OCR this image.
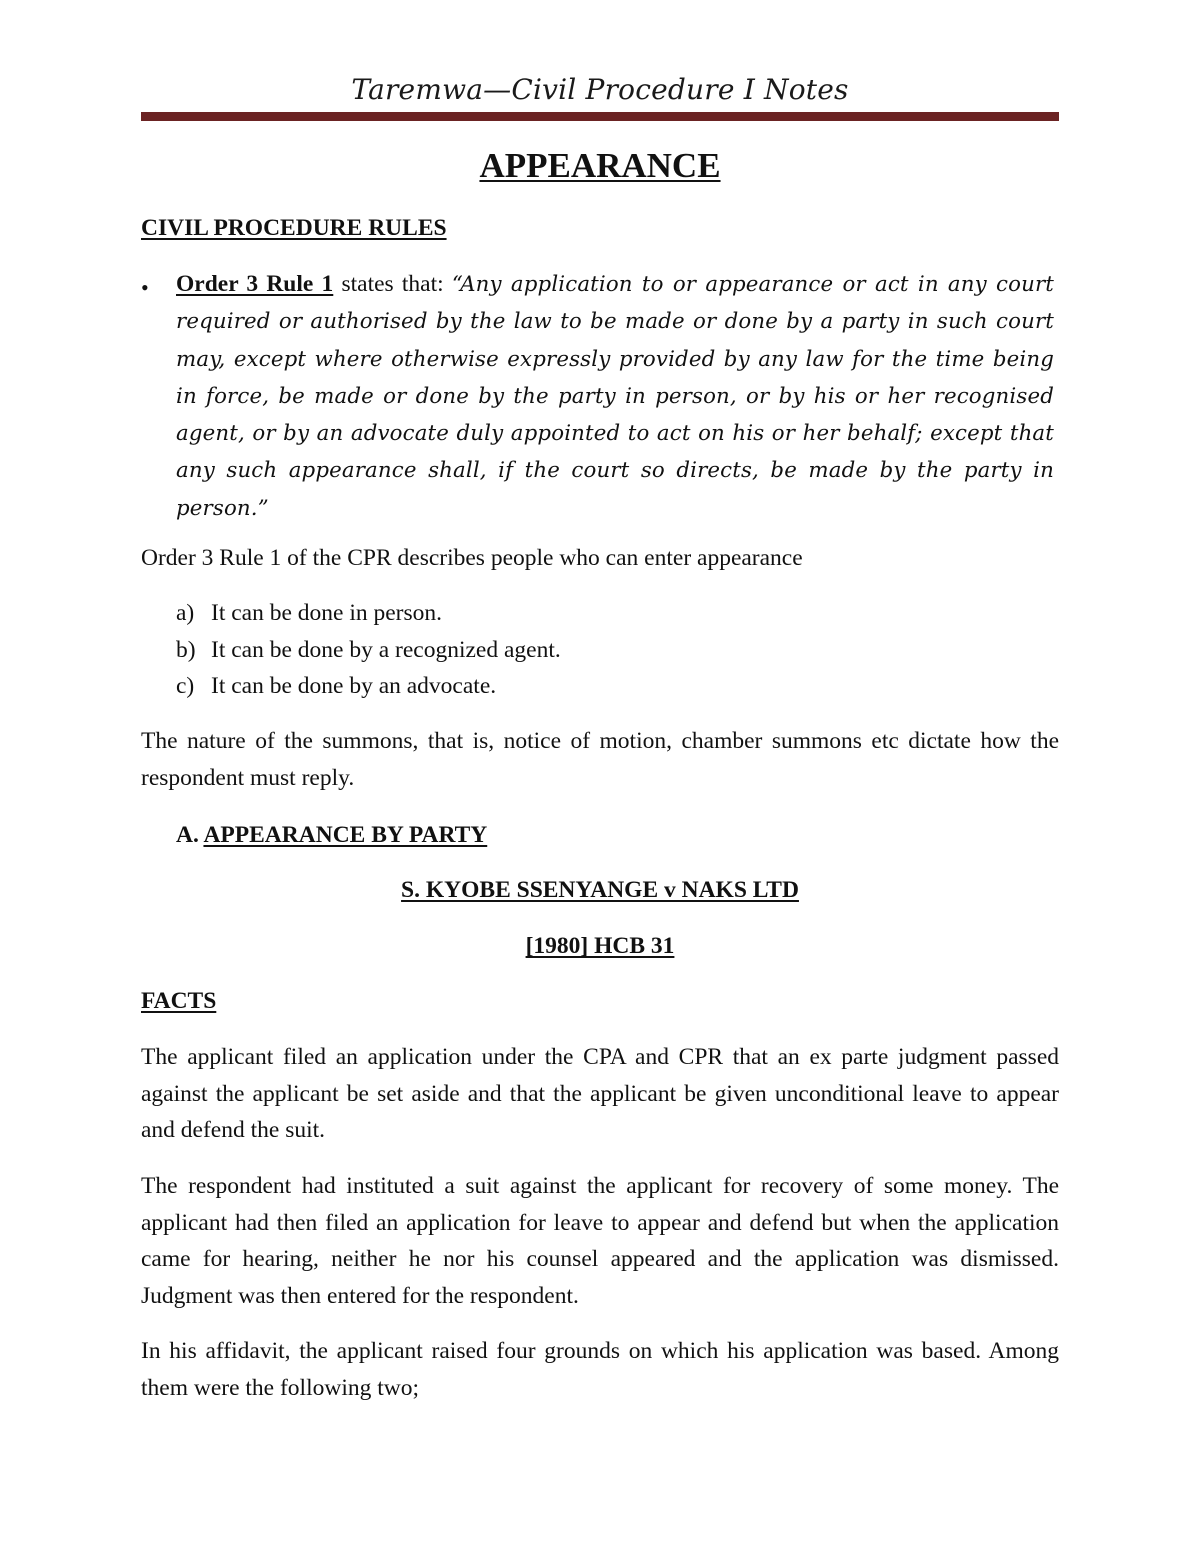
Taremwa—Civil Procedure I Notes
APPEARANCE
CIVIL PROCEDURE RULES
• Order 3 Rule 1 states that: “Any application to or appearance or act in any court required or authorised by the law to be made or done by a party in such court may, except where otherwise expressly provided by any law for the time being in force, be made or done by the party in person, or by his or her recognised agent, or by an advocate duly appointed to act on his or her behalf; except that any such appearance shall, if the court so directs, be made by the party in person.”
Order 3 Rule 1 of the CPR describes people who can enter appearance
a) It can be done in person.
b) It can be done by a recognized agent.
c) It can be done by an advocate.
The nature of the summons, that is, notice of motion, chamber summons etc dictate how the respondent must reply.
A. APPEARANCE BY PARTY
S. KYOBE SSENYANGE v NAKS LTD
[1980] HCB 31
FACTS
The applicant filed an application under the CPA and CPR that an ex parte judgment passed against the applicant be set aside and that the applicant be given unconditional leave to appear and defend the suit.
The respondent had instituted a suit against the applicant for recovery of some money. The applicant had then filed an application for leave to appear and defend but when the application came for hearing, neither he nor his counsel appeared and the application was dismissed. Judgment was then entered for the respondent.
In his affidavit, the applicant raised four grounds on which his application was based. Among them were the following two;
